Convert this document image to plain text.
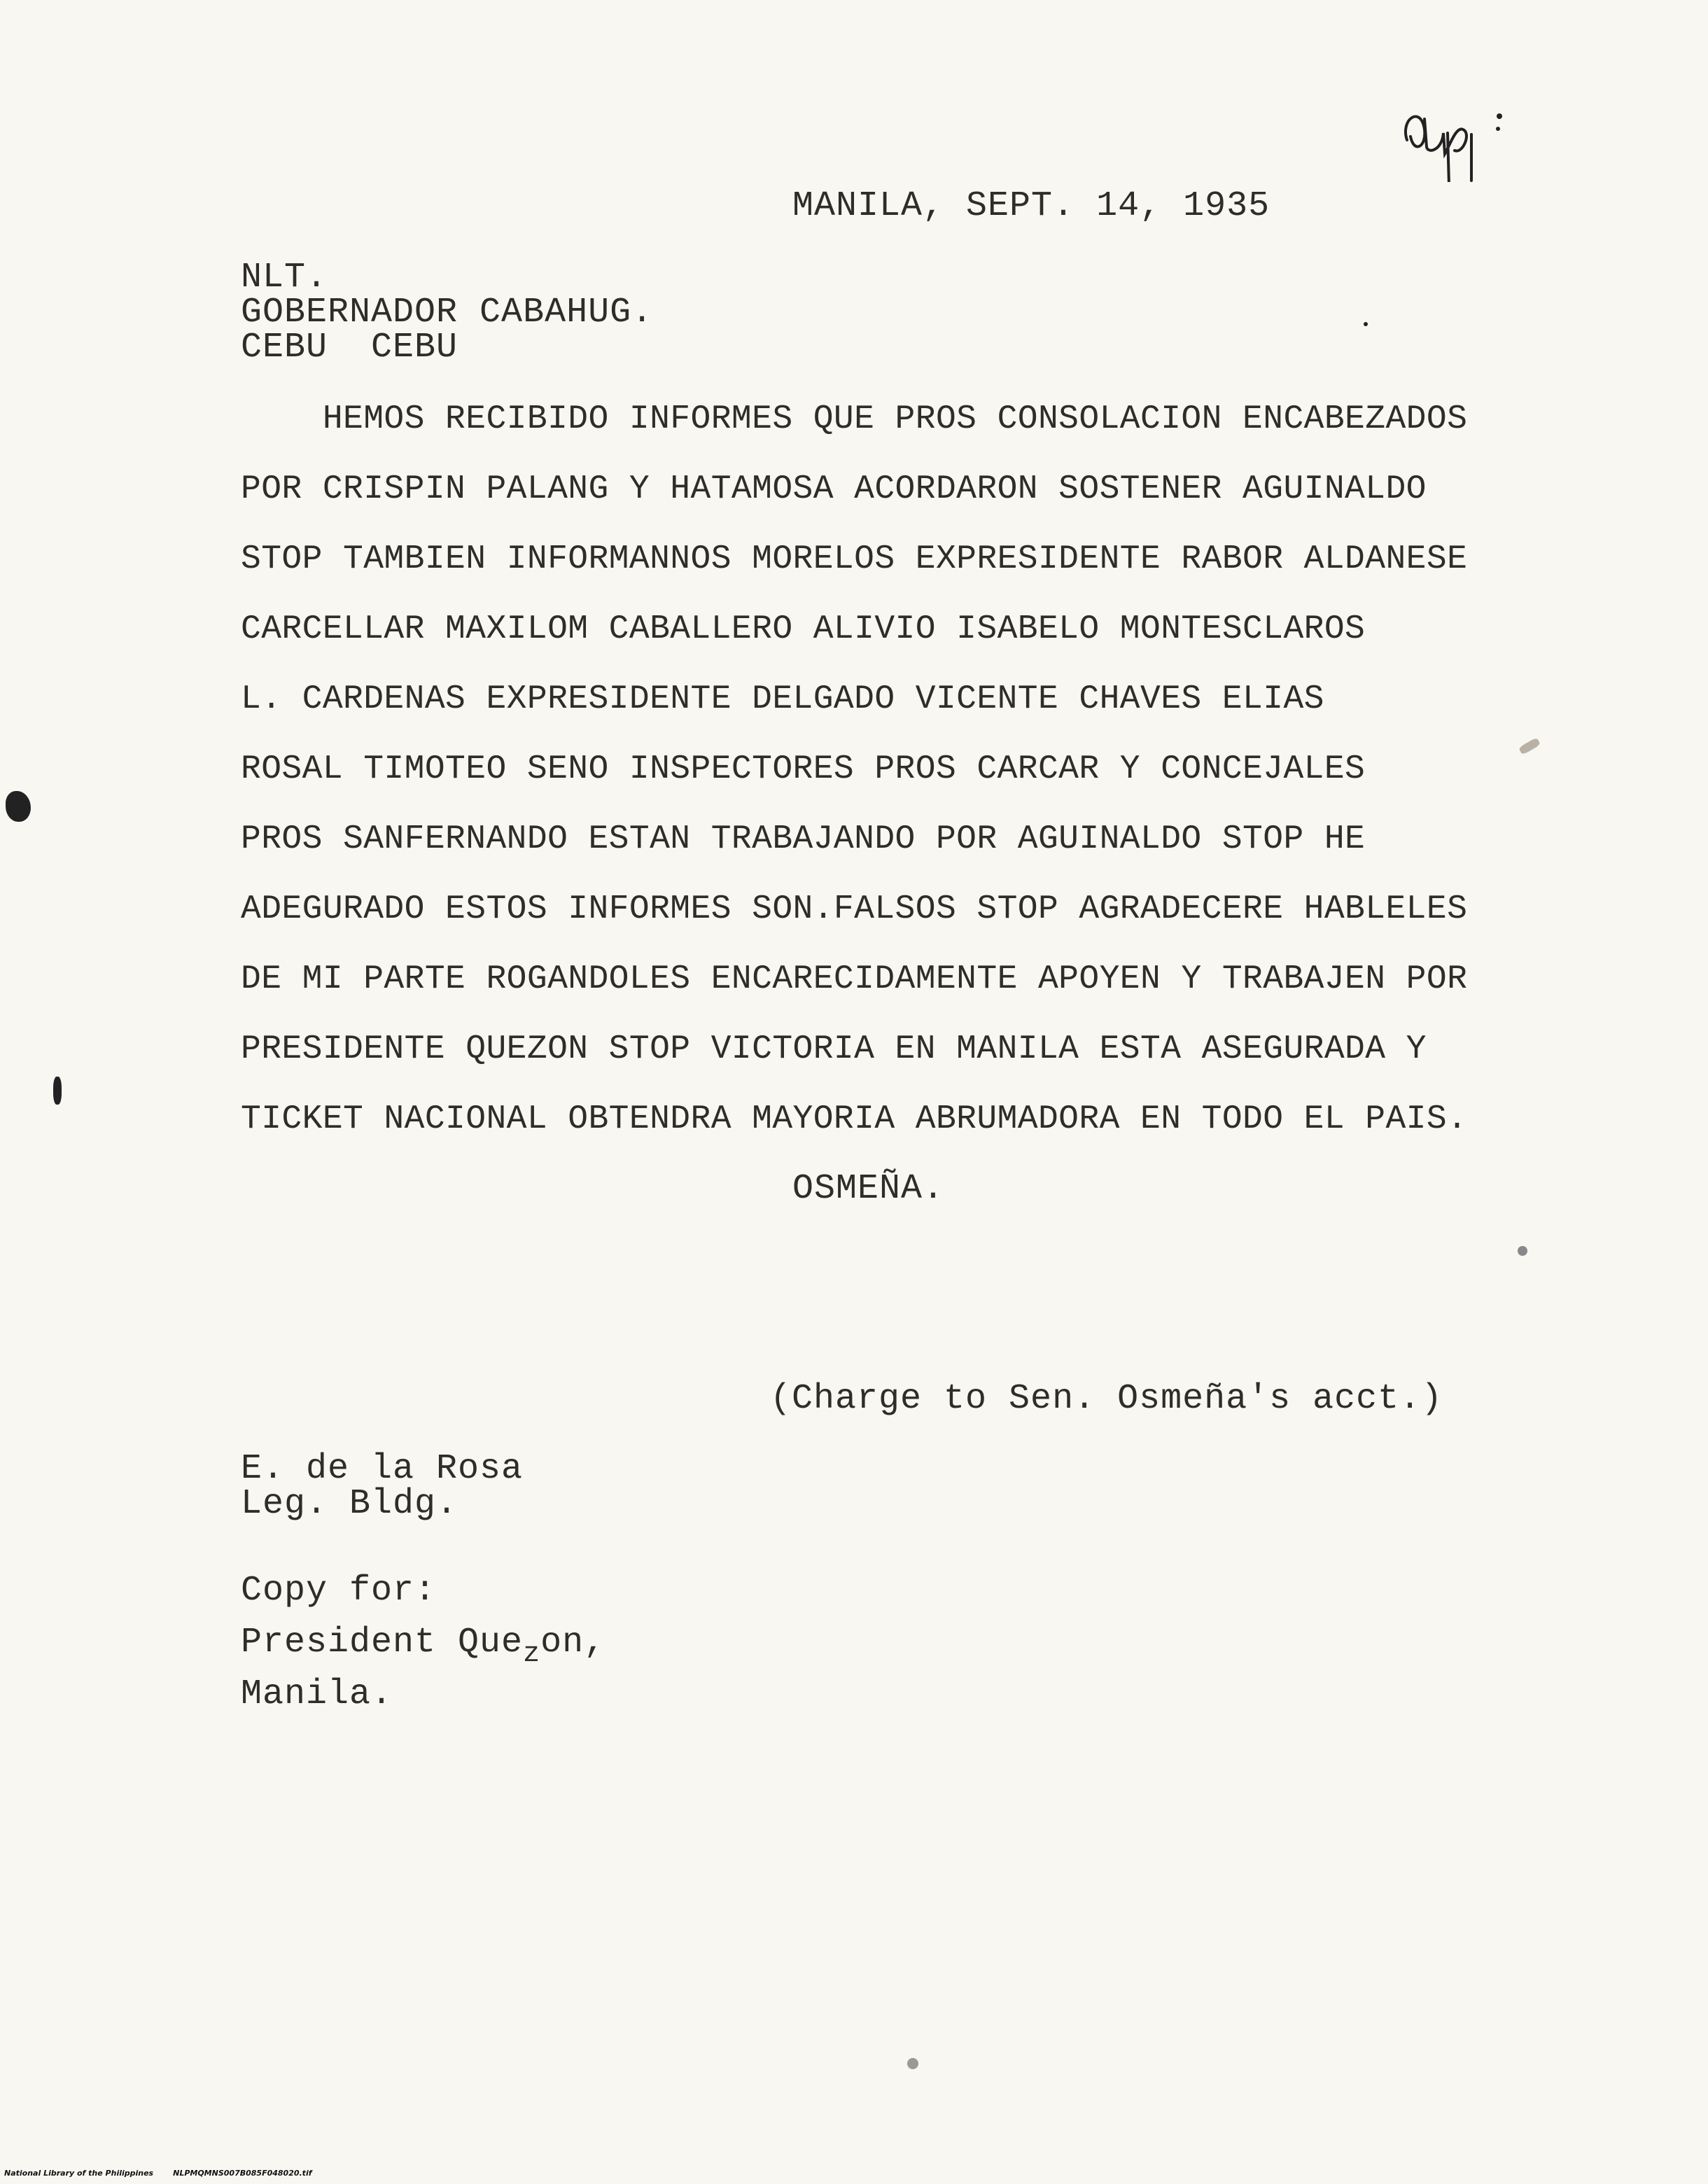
MANILA, SEPT. 14, 1935
NLT.
GOBERNADOR CABAHUG.
CEBU  CEBU
HEMOS RECIBIDO INFORMES QUE PROS CONSOLACION ENCABEZADOS
POR CRISPIN PALANG Y HATAMOSA ACORDARON SOSTENER AGUINALDO
STOP TAMBIEN INFORMANNOS MORELOS EXPRESIDENTE RABOR ALDANESE
CARCELLAR MAXILOM CABALLERO ALIVIO ISABELO MONTESCLAROS
L. CARDENAS EXPRESIDENTE DELGADO VICENTE CHAVES ELIAS
ROSAL TIMOTEO SENO INSPECTORES PROS CARCAR Y CONCEJALES
PROS SANFERNANDO ESTAN TRABAJANDO POR AGUINALDO STOP HE
ADEGURADO ESTOS INFORMES SON.FALSOS STOP AGRADECERE HABLELES
DE MI PARTE ROGANDOLES ENCARECIDAMENTE APOYEN Y TRABAJEN POR
PRESIDENTE QUEZON STOP VICTORIA EN MANILA ESTA ASEGURADA Y
TICKET NACIONAL OBTENDRA MAYORIA ABRUMADORA EN TODO EL PAIS.
OSMEÑA.
(Charge to Sen. Osmeña's acct.)
E. de la Rosa
Leg. Bldg.
Copy for:
President Que$_z$on,
Manila.
National Library of the Philippines	NLPMQMNS007B085F048020.tif
